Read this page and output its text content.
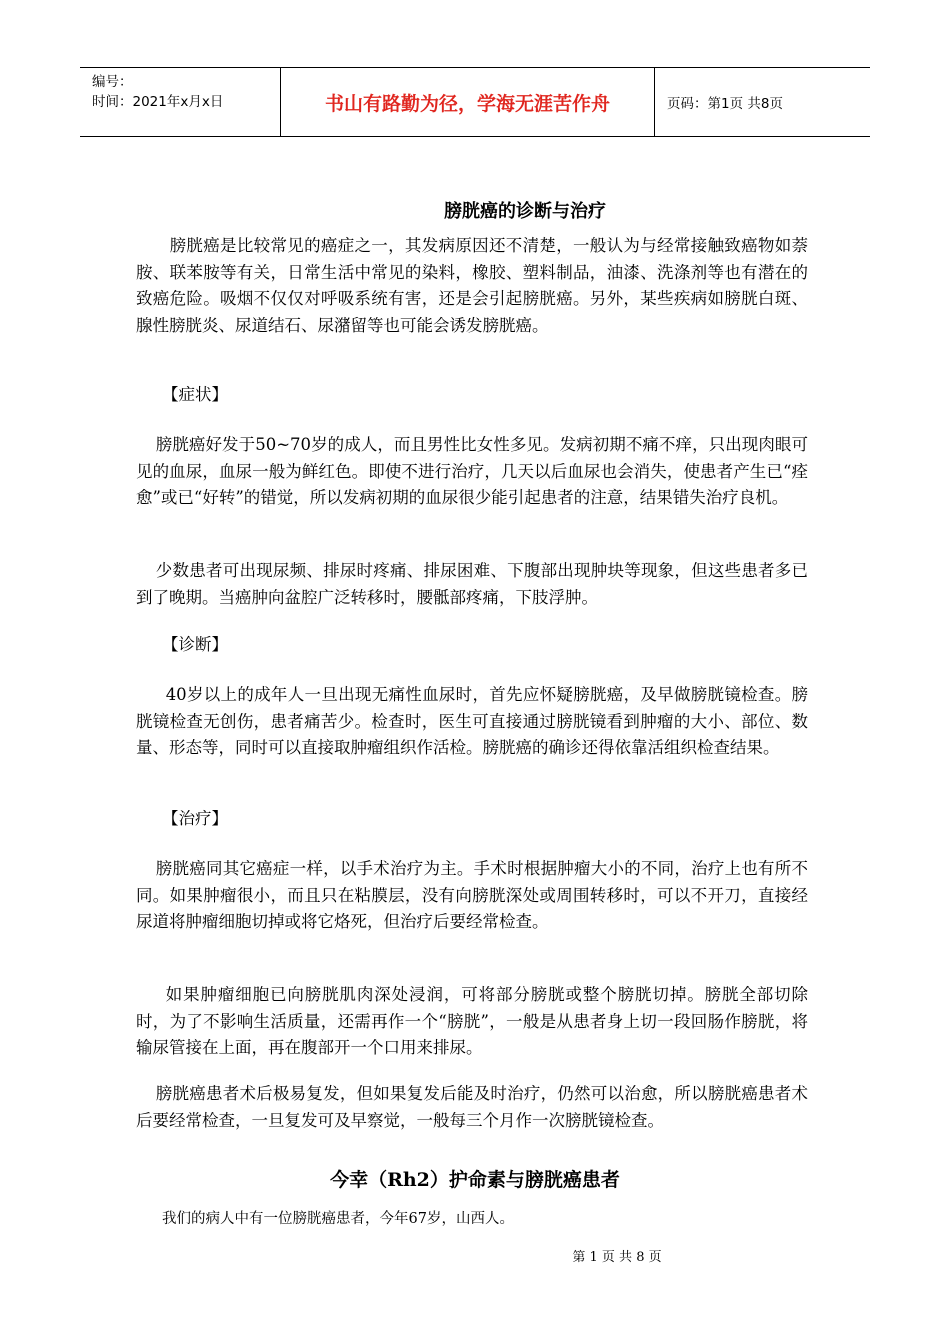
编号：
时间：2021年x月x日	书山有路勤为径，学海无涯苦作舟	页码：第1页 共8页
膀胱癌的诊断与治疗

　　膀胱癌是比较常见的癌症之一，其发病原因还不清楚，一般认为与经常接触致癌物如萘胺、联苯胺等有关，日常生活中常见的染料，橡胶、塑料制品，油漆、洗涤剂等也有潜在的致癌危险。吸烟不仅仅对呼吸系统有害，还是会引起膀胱癌。另外，某些疾病如膀胱白斑、腺性膀胱炎、尿道结石、尿潴留等也可能会诱发膀胱癌。

【症状】

膀胱癌好发于50~70岁的成人，而且男性比女性多见。发病初期不痛不痒，只出现肉眼可见的血尿，血尿一般为鲜红色。即使不进行治疗，几天以后血尿也会消失，使患者产生已“痊愈”或已“好转”的错觉，所以发病初期的血尿很少能引起患者的注意，结果错失治疗良机。

少数患者可出现尿频、排尿时疼痛、排尿困难、下腹部出现肿块等现象，但这些患者多已到了晚期。当癌肿向盆腔广泛转移时，腰骶部疼痛，下肢浮肿。

【诊断】

40岁以上的成年人一旦出现无痛性血尿时，首先应怀疑膀胱癌，及早做膀胱镜检查。膀胱镜检查无创伤，患者痛苦少。检查时，医生可直接通过膀胱镜看到肿瘤的大小、部位、数量、形态等，同时可以直接取肿瘤组织作活检。膀胱癌的确诊还得依靠活组织检查结果。

【治疗】

膀胱癌同其它癌症一样，以手术治疗为主。手术时根据肿瘤大小的不同，治疗上也有所不同。如果肿瘤很小，而且只在粘膜层，没有向膀胱深处或周围转移时，可以不开刀，直接经尿道将肿瘤细胞切掉或将它烙死，但治疗后要经常检查。

如果肿瘤细胞已向膀胱肌肉深处浸润，可将部分膀胱或整个膀胱切掉。膀胱全部切除时，为了不影响生活质量，还需再作一个“膀胱”，一般是从患者身上切一段回肠作膀胱，将输尿管接在上面，再在腹部开一个口用来排尿。

膀胱癌患者术后极易复发，但如果复发后能及时治疗，仍然可以治愈，所以膀胱癌患者术后要经常检查，一旦复发可及早察觉，一般每三个月作一次膀胱镜检查。

今幸（Rh2）护命素与膀胱癌患者

我们的病人中有一位膀胱癌患者，今年67岁，山西人。

第 1 页 共 8 页
